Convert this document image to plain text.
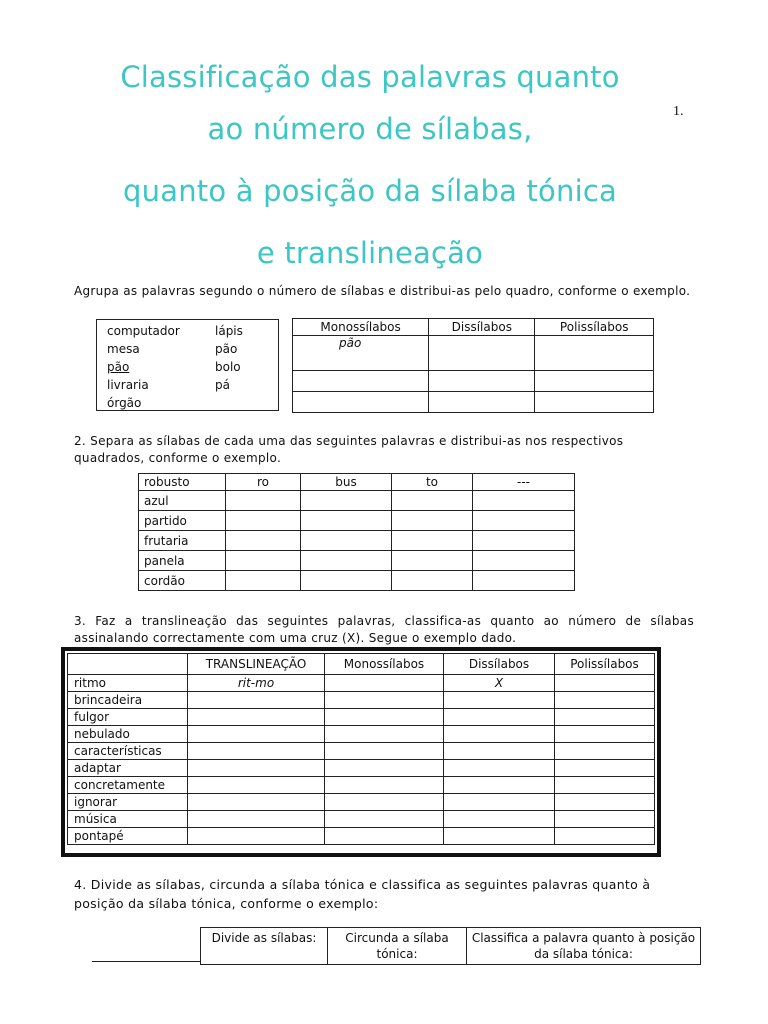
Classificação das palavras quanto
ao número de sílabas,
quanto à posição da sílaba tónica
e translineação
1.
Agrupa as palavras segundo o número de sílabas e distribui-as pelo quadro, conforme o exemplo.
computador	lápis
mesa	pão
pão	bolo
livraria	pá
órgão
Monossílabos	Dissílabos	Polissílabos
pão		

2. Separa as sílabas de cada uma das seguintes palavras e distribui-as nos respectivos quadrados, conforme o exemplo.
robusto	ro	bus	to	---
azul				
partido				
frutaria				
panela				
cordão				
3. Faz a translineação das seguintes palavras, classifica-as quanto ao número de sílabas assinalando correctamente com uma cruz (X). Segue o exemplo dado.
	TRANSLINEAÇÃO	Monossílabos	Dissílabos	Polissílabos
ritmo	rit-mo		X	
brincadeira				
fulgor				
nebulado				
características				
adaptar				
concretamente				
ignorar				
música				
pontapé				
4. Divide as sílabas, circunda a sílaba tónica e classifica as seguintes palavras quanto à posição da sílaba tónica, conforme o exemplo:
Divide as sílabas:	Circunda a sílaba tónica:	Classifica a palavra quanto à posição da sílaba tónica:
